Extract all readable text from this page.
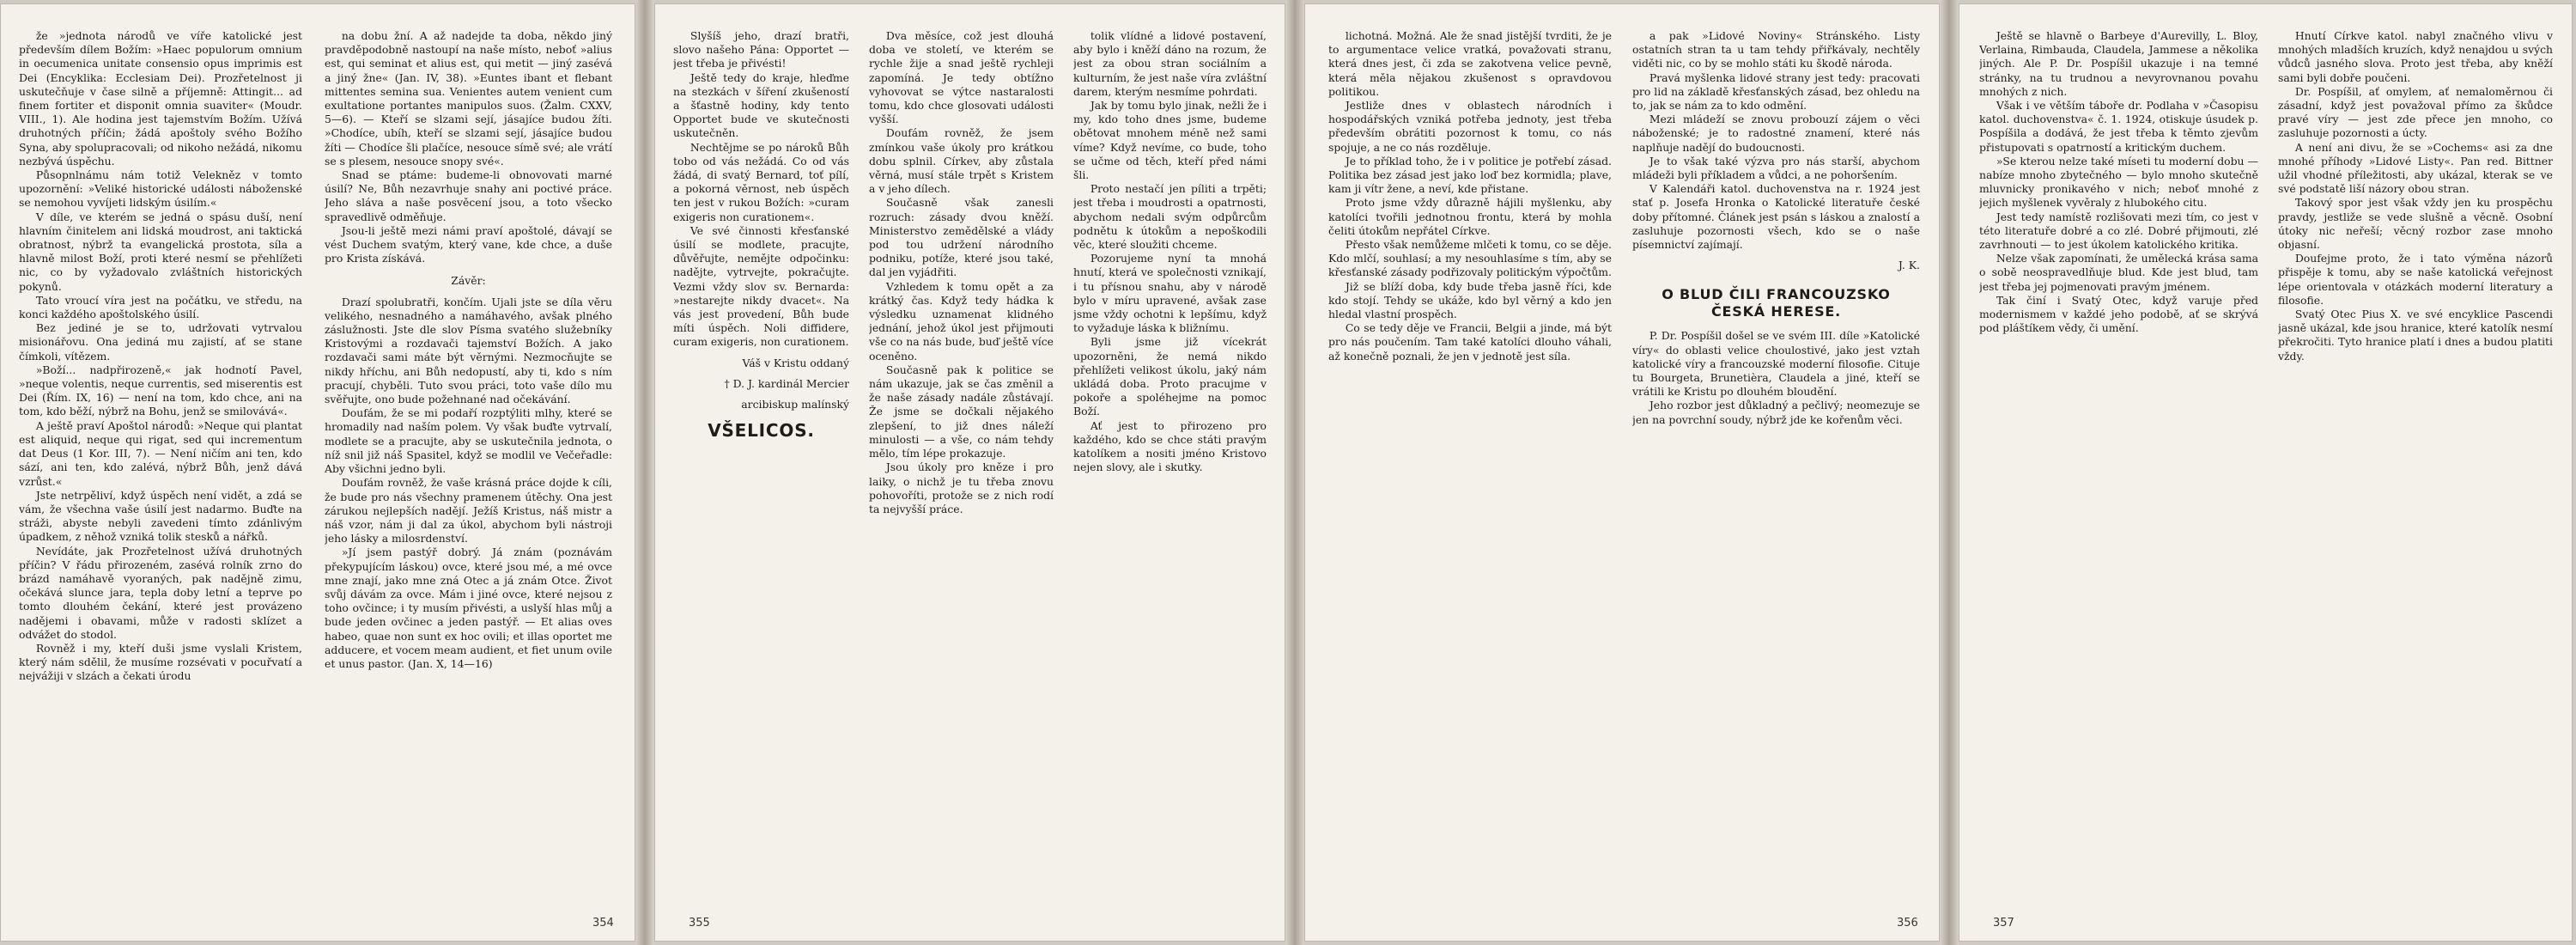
že »jednota národů ve víře katolické jest především dílem Božím: »Haec populorum omnium in oecumenica unitate consensio opus imprimis est Dei (Encyklika: Ecclesiam Dei). Prozřetelnost ji uskutečňuje v čase silně a příjemně: Attingit... ad finem fortiter et disponit omnia suaviter« (Moudr. VIII., 1). Ale hodina jest tajemstvím Božím. Užívá druhotných příčin; žádá apoštoly svého Božího Syna, aby spolupracovali; od nikoho nežádá, nikomu nezbývá úspěchu.

Půsopnlnámu nám totiž Velekněz v tomto upozornění: »Veliké historické události náboženské se nemohou vyvíjeti lidským úsilím.«

V díle, ve kterém se jedná o spásu duší, není hlavním činitelem ani lidská moudrost, ani taktická obratnost, nýbrž ta evangelická prostota, síla a hlavně milost Boží, proti které nesmí se přehlížeti nic, co by vyžadovalo zvláštních historických pokynů.

Tato vroucí víra jest na počátku, ve středu, na konci každého apoštolského úsilí.

Bez jediné je se to, udržovati vytrvalou misionářovu. Ona jediná mu zajistí, ať se stane čímkoli, vítězem.

»Boží... nadpřirozeně,« jak hodnotí Pavel, »neque volentis, neque currentis, sed miserentis est Dei (Řím. IX, 16) — není na tom, kdo chce, ani na tom, kdo běží, nýbrž na Bohu, jenž se smilovává«.

A ještě praví Apoštol národů: »Neque qui plantat est aliquid, neque qui rigat, sed qui incrementum dat Deus (1 Kor. III, 7). — Není ničím ani ten, kdo sází, ani ten, kdo zalévá, nýbrž Bůh, jenž dává vzrůst.«

Jste netrpěliví, když úspěch není vidět, a zdá se vám, že všechna vaše úsilí jest nadarmo. Buďte na stráži, abyste nebyli zavedeni tímto zdánlivým úpadkem, z něhož vzniká tolik stesků a nářků.

Nevídáte, jak Prozřetelnost užívá druhotných příčin? V řádu přirozeném, zasévá rolník zrno do brázd namáhavě vyoraných, pak nadějně zimu, očekává slunce jara, tepla doby letní a teprve po tomto dlouhém čekání, které jest provázeno nadějemi i obavami, může v radosti sklízet a odvážet do stodol.

Rovněž i my, kteří duši jsme vyslali Kristem, který nám sdělil, že musíme rozsévati v pocuřvatí a nejvážiji v slzách a čekati úrodu

na dobu žní. A až nadejde ta doba, někdo jiný pravděpodobně nastoupí na naše místo, neboť »alius est, qui seminat et alius est, qui metit — jiný zasévá a jiný žne« (Jan. IV, 38). »Euntes ibant et flebant mittentes semina sua. Venientes autem venient cum exultatione portantes manipulos suos. (Žalm. CXXV, 5—6). — Kteří se slzami sejí, jásajíce budou žíti. »Chodíce, ubíh, kteří se slzami sejí, jásajíce budou žíti — Chodíce šli plačíce, nesouce símě své; ale vrátí se s plesem, nesouce snopy své«.

Snad se ptáme: budeme-li obnovovati marné úsilí? Ne, Bůh nezavrhuje snahy ani poctivé práce. Jeho sláva a naše posvěcení jsou, a toto všecko spravedlivě odměňuje.

Jsou-li ještě mezi námi praví apoštolé, dávají se vést Duchem svatým, který vane, kde chce, a duše pro Krista získává.

Závěr:

Drazí spolubratři, končím. Ujali jste se díla věru velikého, nesnadného a namáhavého, avšak plného záslužnosti. Jste dle slov Písma svatého služebníky Kristovými a rozdavači tajemství Božích. A jako rozdavači sami máte být věrnými. Nezmocňujte se nikdy hříchu, ani Bůh nedopustí, aby ti, kdo s ním pracují, chyběli. Tuto svou práci, toto vaše dílo mu svěřujte, ono bude požehnané nad očekávání.

Doufám, že se mi podaří rozptýliti mlhy, které se hromadily nad naším polem. Vy však buďte vytrvalí, modlete se a pracujte, aby se uskutečnila jednota, o níž snil již náš Spasitel, když se modlil ve Večeřadle: Aby všichni jedno byli.

Doufám rovněž, že vaše krásná práce dojde k cíli, že bude pro nás všechny pramenem útěchy. Ona jest zárukou nejlepších nadějí. Ježíš Kristus, náš mistr a náš vzor, nám ji dal za úkol, abychom byli nástroji jeho lásky a milosrdenství.

»Jí jsem pastýř dobrý. Já znám (poznávám překypujícím láskou) ovce, které jsou mé, a mé ovce mne znají, jako mne zná Otec a já znám Otce. Život svůj dávám za ovce. Mám i jiné ovce, které nejsou z toho ovčince; i ty musím přivésti, a uslyší hlas můj a bude jeden ovčinec a jeden pastýř. — Et alias oves habeo, quae non sunt ex hoc ovili; et illas oportet me adducere, et vocem meam audient, et fiet unum ovile et unus pastor. (Jan. X, 14—16)

354

Slyšíš jeho, drazí bratři, slovo našeho Pána: Opportet — jest třeba je přivésti!

Ještě tedy do kraje, hleďme na stezkách v šíření zkušeností a šťastně hodiny, kdy tento Opportet bude ve skutečnosti uskutečněn.

Nechtějme se po nároků Bůh tobo od vás nežádá. Co od vás žádá, di svatý Bernard, toť pílí, a pokorná věrnost, neb úspěch ten jest v rukou Božích: »curam exigeris non curationem«.

Ve své činnosti křesťanské úsilí se modlete, pracujte, důvěřujte, nemějte odpočinku: nadějte, vytrvejte, pokračujte. Vezmi vždy slov sv. Bernarda: »nestarejte nikdy dvacet«. Na vás jest provedení, Bůh bude míti úspěch. Noli diffidere, curam exigeris, non curationem.

Váš v Kristu oddaný

† D. J. kardinál Mercier

arcibiskup malínský

VŠELICOS.

Dva měsíce, což jest dlouhá doba ve století, ve kterém se rychle žije a snad ještě rychleji zapomíná. Je tedy obtížno vyhovovat se výtce nastaralosti tomu, kdo chce glosovati události vyšší.

Doufám rovněž, že jsem zmínkou vaše úkoly pro krátkou dobu splnil. Církev, aby zůstala věrná, musí stále trpět s Kristem a v jeho dílech.

Současně však zanesli rozruch: zásady dvou kněží. Ministerstvo zemědělské a vlády pod tou udržení národního podniku, potíže, které jsou také, dal jen vyjádřiti.

Vzhledem k tomu opět a za krátký čas. Když tedy hádka k výsledku uznamenat klidného jednání, jehož úkol jest přijmouti vše co na nás bude, buď ještě více oceněno.

Současně pak k politice se nám ukazuje, jak se čas změnil a že naše zásady nadále zůstávají. Že jsme se dočkali nějakého zlepšení, to již dnes náleží minulosti — a vše, co nám tehdy mělo, tím lépe prokazuje.

Jsou úkoly pro kněze i pro laiky, o nichž je tu třeba znovu pohovoříti, protože se z nich rodí ta nejvyšší práce.

tolik vlídné a lidové postavení, aby bylo i kněží dáno na rozum, že jest za obou stran sociálním a kulturním, že jest naše víra zvláštní darem, kterým nesmíme pohrdati.

Jak by tomu bylo jinak, nežli že i my, kdo toho dnes jsme, budeme obětovat mnohem méně než sami víme? Když nevíme, co bude, toho se učme od těch, kteří před námi šli.

Proto nestačí jen píliti a trpěti; jest třeba i moudrosti a opatrnosti, abychom nedali svým odpůrcům podnětu k útokům a nepoškodili věc, které sloužiti chceme.

Pozorujeme nyní ta mnohá hnutí, která ve společnosti vznikají, i tu přísnou snahu, aby v národě bylo v míru upravené, avšak zase jsme vždy ochotni k lepšímu, když to vyžaduje láska k bližnímu.

Byli jsme již vícekrát upozorněni, že nemá nikdo přehlížeti velikost úkolu, jaký nám ukládá doba. Proto pracujme v pokoře a spoléhejme na pomoc Boží.

Ať jest to přirozeno pro každého, kdo se chce státi pravým katolíkem a nositi jméno Kristovo nejen slovy, ale i skutky.

355

lichotná. Možná. Ale že snad jistější tvrditi, že je to argumentace velice vratká, považovati stranu, která dnes jest, či zda se zakotvena velice pevně, která měla nějakou zkušenost s opravdovou politikou.

Jestliže dnes v oblastech národních i hospodářských vzniká potřeba jednoty, jest třeba především obrátiti pozornost k tomu, co nás spojuje, a ne co nás rozděluje.

Je to příklad toho, že i v politice je potřebí zásad. Politika bez zásad jest jako loď bez kormidla; plave, kam ji vítr žene, a neví, kde přistane.

Proto jsme vždy důrazně hájili myšlenku, aby katolíci tvořili jednotnou frontu, která by mohla čeliti útokům nepřátel Církve.

Přesto však nemůžeme mlčeti k tomu, co se děje. Kdo mlčí, souhlasí; a my nesouhlasíme s tím, aby se křesťanské zásady podřizovaly politickým výpočtům.

Již se blíží doba, kdy bude třeba jasně říci, kde kdo stojí. Tehdy se ukáže, kdo byl věrný a kdo jen hledal vlastní prospěch.

Co se tedy děje ve Francii, Belgii a jinde, má být pro nás poučením. Tam také katolíci dlouho váhali, až konečně poznali, že jen v jednotě jest síla.

a pak »Lidové Noviny« Stránského. Listy ostatních stran ta u tam tehdy přiřkávaly, nechtěly viděti nic, co by se mohlo státi ku škodě národa.

Pravá myšlenka lidové strany jest tedy: pracovati pro lid na základě křesťanských zásad, bez ohledu na to, jak se nám za to kdo odmění.

Mezi mládeží se znovu probouzí zájem o věci náboženské; je to radostné znamení, které nás naplňuje nadějí do budoucnosti.

Je to však také výzva pro nás starší, abychom mládeži byli příkladem a vůdci, a ne pohoršením.

V Kalendáři katol. duchovenstva na r. 1924 jest stať p. Josefa Hronka o Katolické literatuře české doby přítomné. Článek jest psán s láskou a znalostí a zasluhuje pozornosti všech, kdo se o naše písemnictví zajímají.

J. K.

O BLUD ČILI FRANCOUZSKO ČESKÁ HERESE.

P. Dr. Pospíšil došel se ve svém III. díle »Katolické víry« do oblasti velice choulostivé, jako jest vztah katolické víry a francouzské moderní filosofie. Cituje tu Bourgeta, Brunetièra, Claudela a jiné, kteří se vrátili ke Kristu po dlouhém bloudění.

Jeho rozbor jest důkladný a pečlivý; neomezuje se jen na povrchní soudy, nýbrž jde ke kořenům věci.

356

Ještě se hlavně o Barbeye d'Aurevilly, L. Bloy, Verlaina, Rimbauda, Claudela, Jammese a několika jiných. Ale P. Dr. Pospíšil ukazuje i na temné stránky, na tu trudnou a nevyrovnanou povahu mnohých z nich.

Však i ve větším táboře dr. Podlaha v »Časopisu katol. duchovenstva« č. 1. 1924, otiskuje úsudek p. Pospíšila a dodává, že jest třeba k těmto zjevům přistupovati s opatrností a kritickým duchem.

»Se kterou nelze také míseti tu moderní dobu — nabíze mnoho zbytečného — bylo mnoho skutečně mluvnicky pronikavého v nich; neboť mnohé z jejich myšlenek vyvěraly z hlubokého citu.

Jest tedy namístě rozlišovati mezi tím, co jest v této literatuře dobré a co zlé. Dobré přijmouti, zlé zavrhnouti — to jest úkolem katolického kritika.

Nelze však zapomínati, že umělecká krása sama o sobě neospravedlňuje blud. Kde jest blud, tam jest třeba jej pojmenovati pravým jménem.

Tak činí i Svatý Otec, když varuje před modernismem v každé jeho podobě, ať se skrývá pod pláštíkem vědy, či umění.

Hnutí Církve katol. nabyl značného vlivu v mnohých mladších kruzích, když nenajdou u svých vůdců jasného slova. Proto jest třeba, aby kněží sami byli dobře poučeni.

Dr. Pospíšil, ať omylem, ať nemaloměrnou či zásadní, když jest považoval přímo za škůdce pravé víry — jest zde přece jen mnoho, co zasluhuje pozornosti a úcty.

A není ani divu, že se »Cochems« asi za dne mnohé příhody »Lidové Listy«. Pan red. Bittner užil vhodné příležitosti, aby ukázal, kterak se ve své podstatě liší názory obou stran.

Takový spor jest však vždy jen ku prospěchu pravdy, jestliže se vede slušně a věcně. Osobní útoky nic neřeší; věcný rozbor zase mnoho objasní.

Doufejme proto, že i tato výměna názorů přispěje k tomu, aby se naše katolická veřejnost lépe orientovala v otázkách moderní literatury a filosofie.

Svatý Otec Pius X. ve své encyklice Pascendi jasně ukázal, kde jsou hranice, které katolík nesmí překročiti. Tyto hranice platí i dnes a budou platiti vždy.

357
